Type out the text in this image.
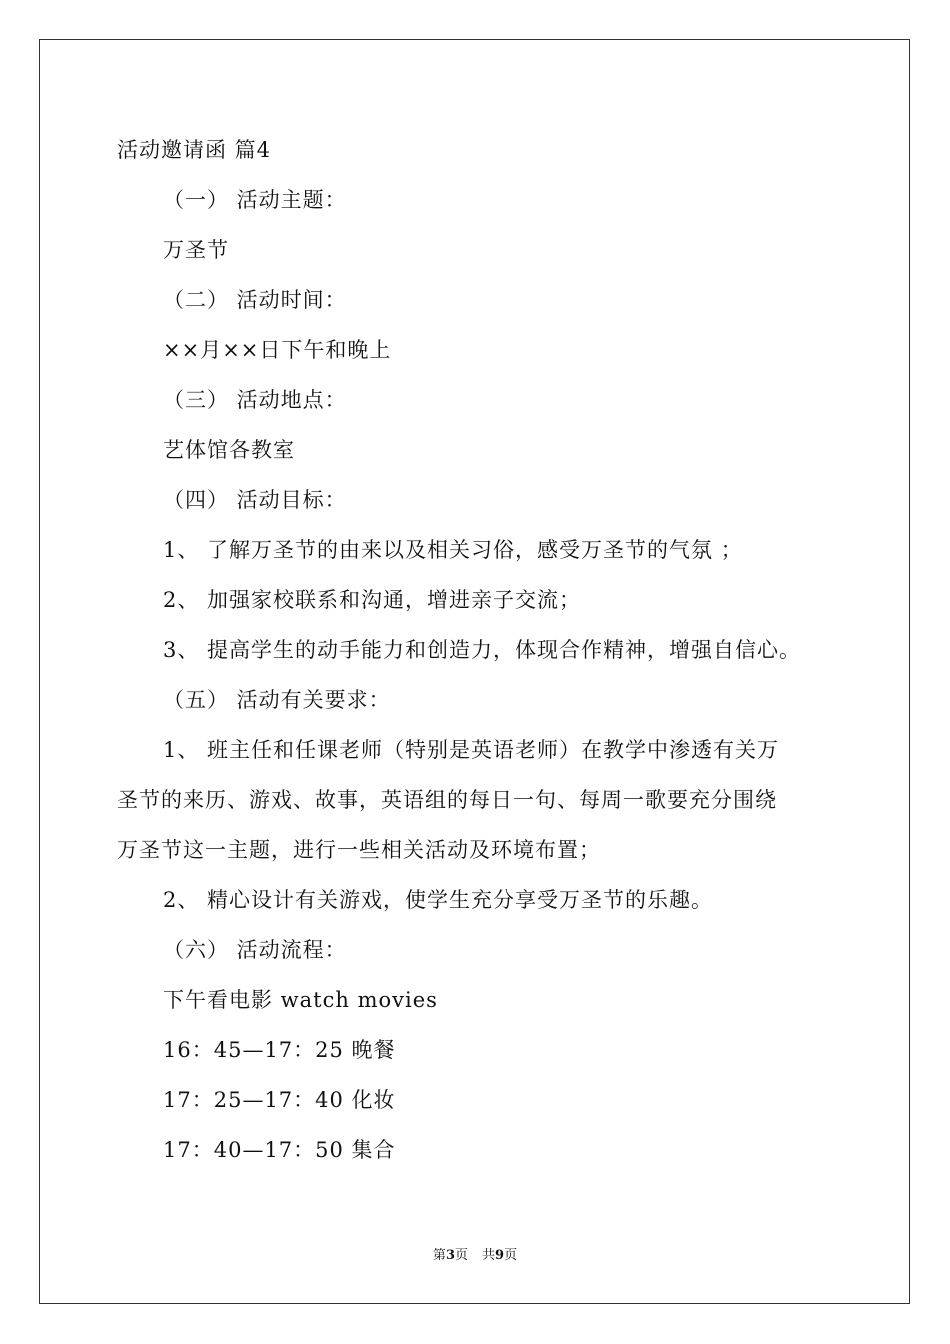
活动邀请函 篇4
（一） 活动主题：
万圣节
（二） 活动时间：
××月××日下午和晚上
（三） 活动地点：
艺体馆各教室
（四） 活动目标：
1、 了解万圣节的由来以及相关习俗，感受万圣节的气氛 ；
2、 加强家校联系和沟通，增进亲子交流；
3、 提高学生的动手能力和创造力，体现合作精神，增强自信心。
（五） 活动有关要求：
1、 班主任和任课老师（特别是英语老师）在教学中渗透有关万
圣节的来历、游戏、故事，英语组的每日一句、每周一歌要充分围绕
万圣节这一主题，进行一些相关活动及环境布置；
2、 精心设计有关游戏，使学生充分享受万圣节的乐趣。
（六） 活动流程：
下午看电影 watch movies
16：45—17：25 晚餐
17：25—17：40 化妆
17：40—17：50 集合
第3页 共9页
